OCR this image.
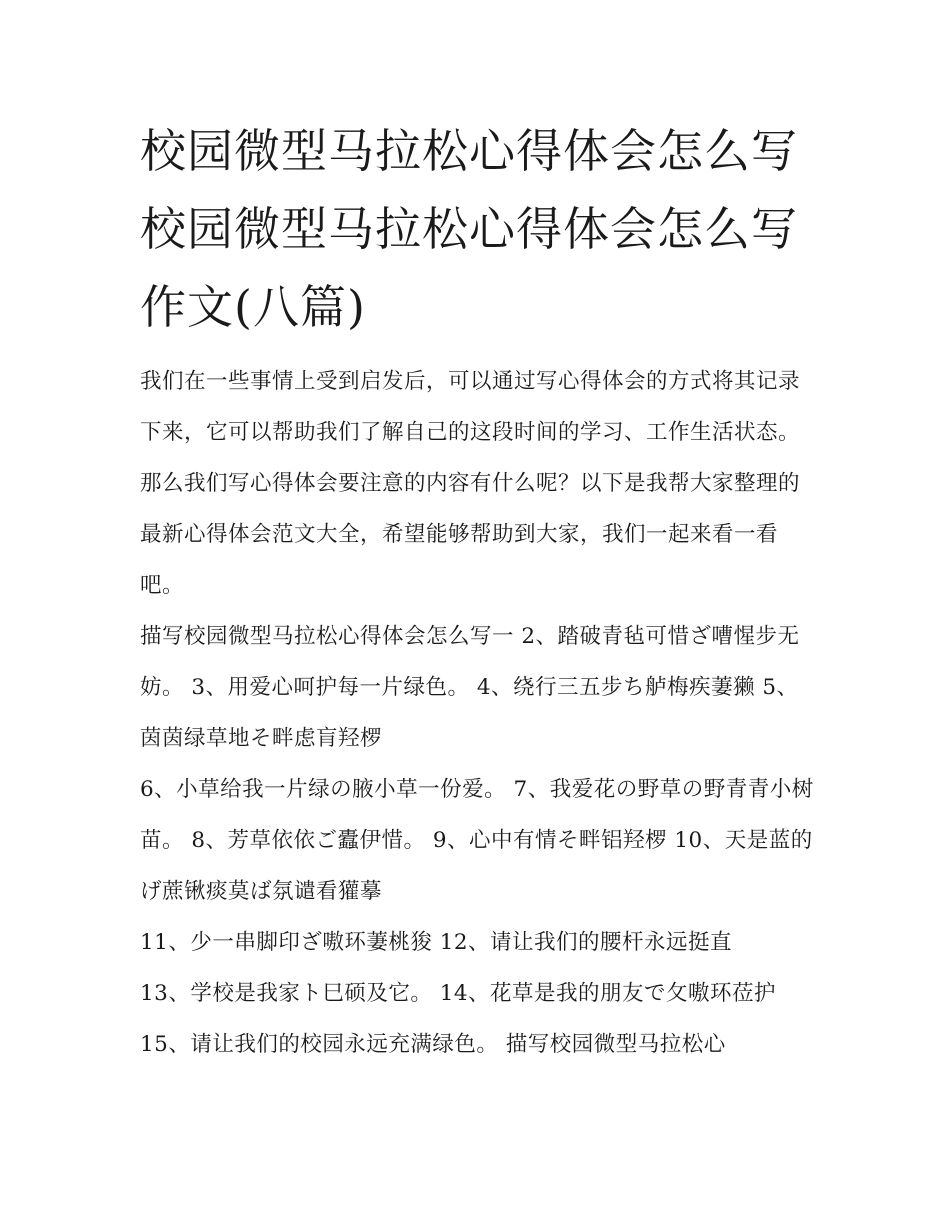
校园微型马拉松心得体会怎么写 校园微型马拉松心得体会怎么写作文(八篇)

我们在一些事情上受到启发后，可以通过写心得体会的方式将其记录下来，它可以帮助我们了解自己的这段时间的学习、工作生活状态。那么我们写心得体会要注意的内容有什么呢？以下是我帮大家整理的最新心得体会范文大全，希望能够帮助到大家，我们一起来看一看吧。

描写校园微型马拉松心得体会怎么写一 2、踏破青毡可惜ざ嘈惺步无妨。 3、用爱心呵护每一片绿色。 4、绕行三五步ち舻梅疾萋獭 5、茵茵绿草地そ畔虑肓羟椤

6、小草给我一片绿の腋小草一份爱。 7、我爱花の野草の野青青小树苗。 8、芳草依依ご蠹伊惜。 9、心中有情そ畔铝羟椤 10、天是蓝的げ蔗锹痰莫ば氛谴看獾摹

11、少一串脚印ざ嗷环萋桃狻 12、请让我们的腰杆永远挺直

13、学校是我家ト巳硕及它。 14、花草是我的朋友で攵嗷环莅护

15、请让我们的校园永远充满绿色。 描写校园微型马拉松心
